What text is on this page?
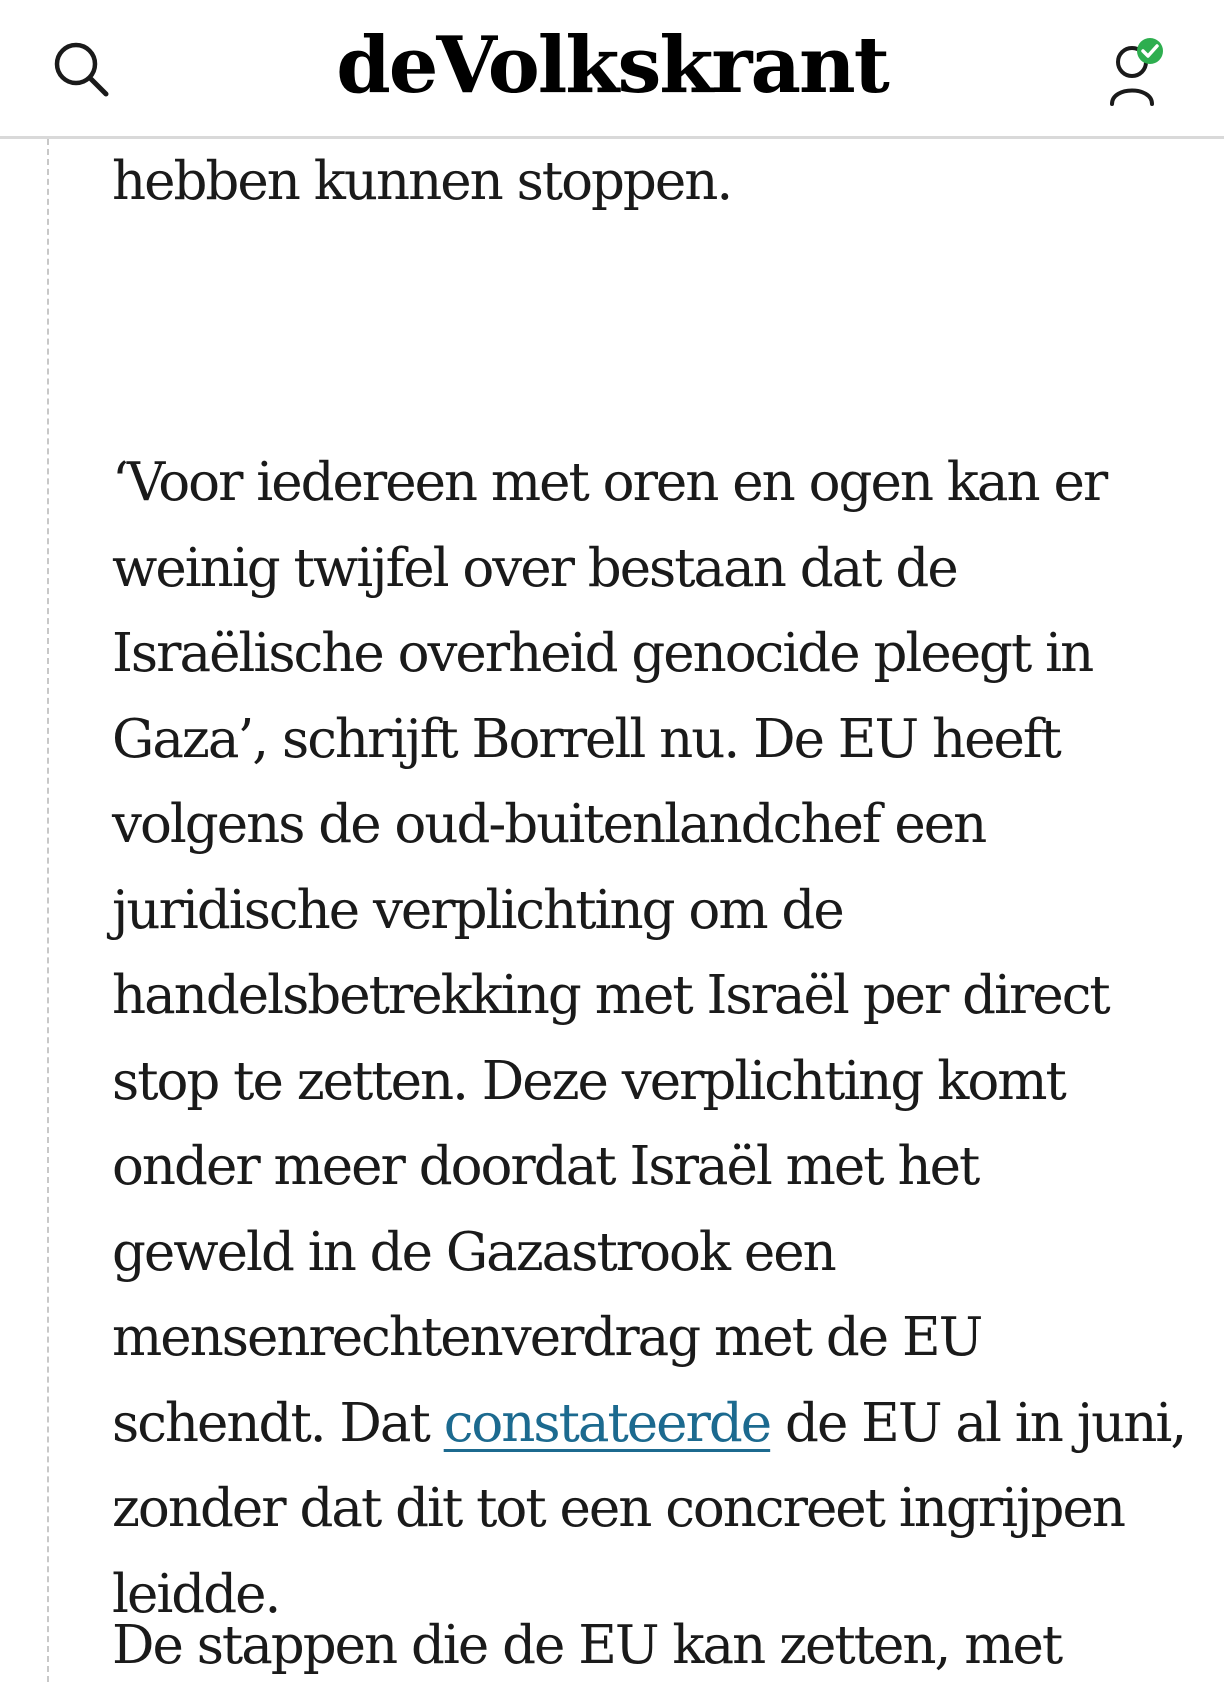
deVolkskrant

hebben kunnen stoppen.

‘Voor iedereen met oren en ogen kan er
weinig twijfel over bestaan dat de
Israëlische overheid genocide pleegt in
Gaza’, schrijft Borrell nu. De EU heeft
volgens de oud-buitenlandchef een
juridische verplichting om de
handelsbetrekking met Israël per direct
stop te zetten. Deze verplichting komt
onder meer doordat Israël met het
geweld in de Gazastrook een
mensenrechtenverdrag met de EU
schendt. Dat constateerde de EU al in juni,
zonder dat dit tot een concreet ingrijpen
leidde.

De stappen die de EU kan zetten, met
